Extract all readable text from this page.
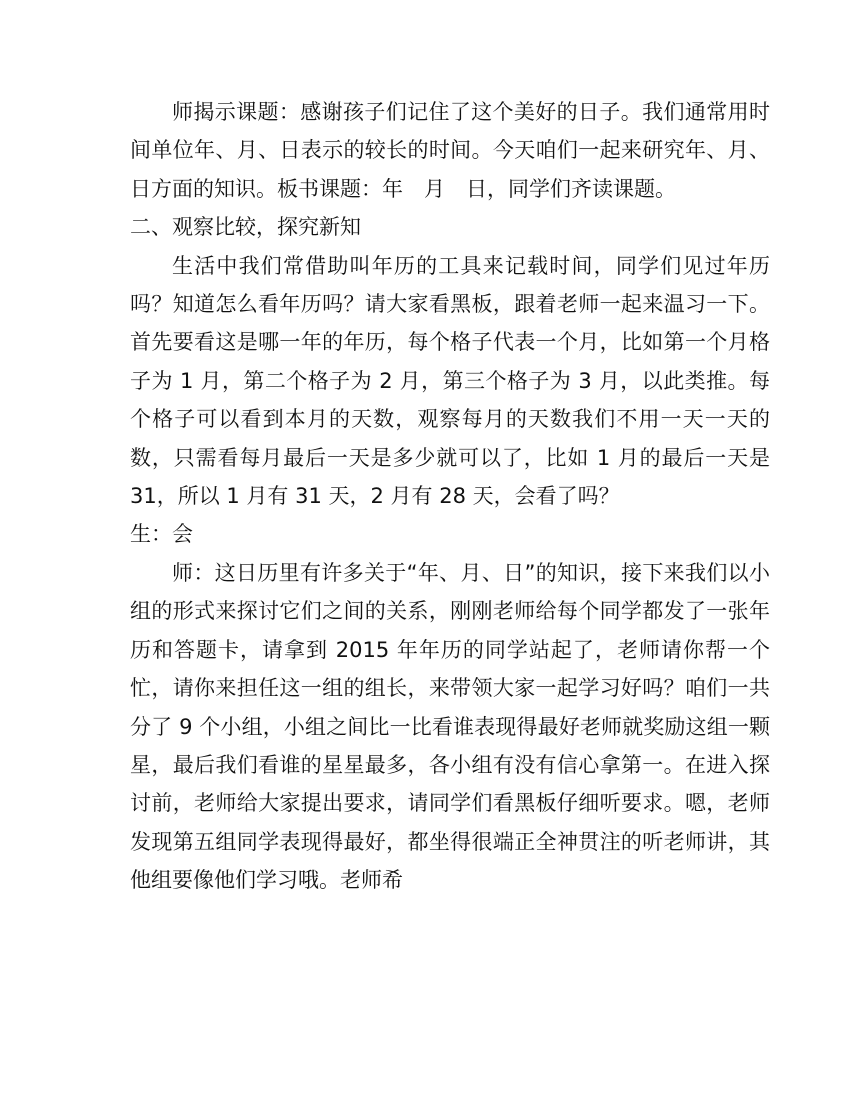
师揭示课题：感谢孩子们记住了这个美好的日子。我们通常用时间单位年、月、日表示的较长的时间。今天咱们一起来研究年、月、日方面的知识。板书课题：年　月　日，同学们齐读课题。

二、观察比较，探究新知

生活中我们常借助叫年历的工具来记载时间，同学们见过年历吗？知道怎么看年历吗？请大家看黑板，跟着老师一起来温习一下。首先要看这是哪一年的年历，每个格子代表一个月，比如第一个月格子为 1 月，第二个格子为 2 月，第三个格子为 3 月，以此类推。每个格子可以看到本月的天数，观察每月的天数我们不用一天一天的数，只需看每月最后一天是多少就可以了，比如 1 月的最后一天是 31，所以 1 月有 31 天，2 月有 28 天，会看了吗？

生：会

师：这日历里有许多关于“年、月、日”的知识，接下来我们以小组的形式来探讨它们之间的关系，刚刚老师给每个同学都发了一张年历和答题卡，请拿到 2015 年年历的同学站起了，老师请你帮一个忙，请你来担任这一组的组长，来带领大家一起学习好吗？咱们一共分了 9 个小组，小组之间比一比看谁表现得最好老师就奖励这组一颗星，最后我们看谁的星星最多，各小组有没有信心拿第一。在进入探讨前，老师给大家提出要求，请同学们看黑板仔细听要求。嗯，老师发现第五组同学表现得最好，都坐得很端正全神贯注的听老师讲，其他组要像他们学习哦。老师希
